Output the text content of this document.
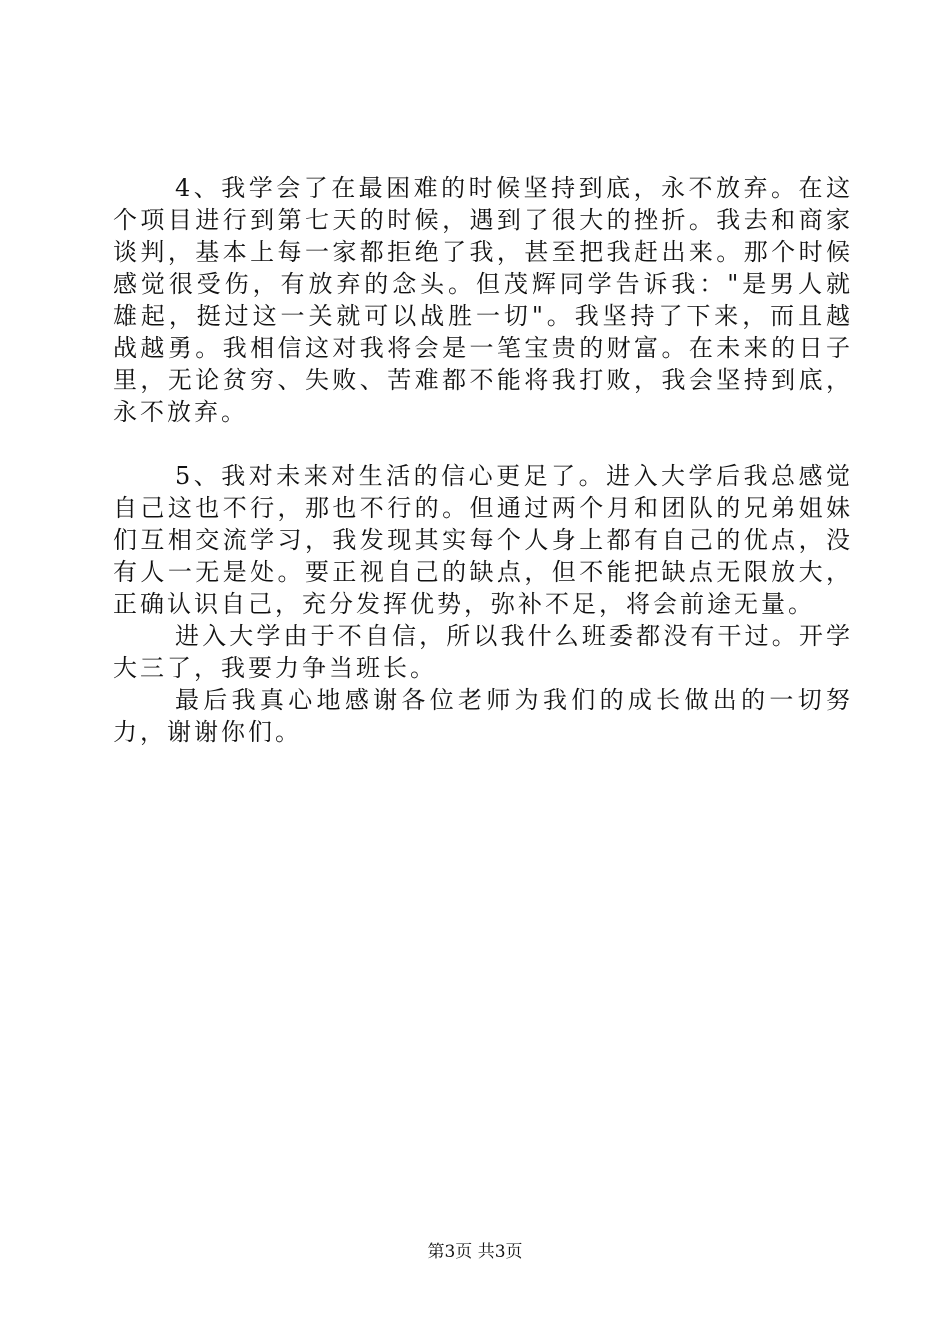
4、我学会了在最困难的时候坚持到底，永不放弃。在这个项目进行到第七天的时候，遇到了很大的挫折。我去和商家谈判，基本上每一家都拒绝了我，甚至把我赶出来。那个时候感觉很受伤，有放弃的念头。但茂辉同学告诉我："是男人就雄起，挺过这一关就可以战胜一切"。我坚持了下来，而且越战越勇。我相信这对我将会是一笔宝贵的财富。在未来的日子里，无论贫穷、失败、苦难都不能将我打败，我会坚持到底，永不放弃。

5、我对未来对生活的信心更足了。进入大学后我总感觉自己这也不行，那也不行的。但通过两个月和团队的兄弟姐妹们互相交流学习，我发现其实每个人身上都有自己的优点，没有人一无是处。要正视自己的缺点，但不能把缺点无限放大，正确认识自己，充分发挥优势，弥补不足，将会前途无量。

进入大学由于不自信，所以我什么班委都没有干过。开学大三了，我要力争当班长。

最后我真心地感谢各位老师为我们的成长做出的一切努力，谢谢你们。

第3页 共3页
